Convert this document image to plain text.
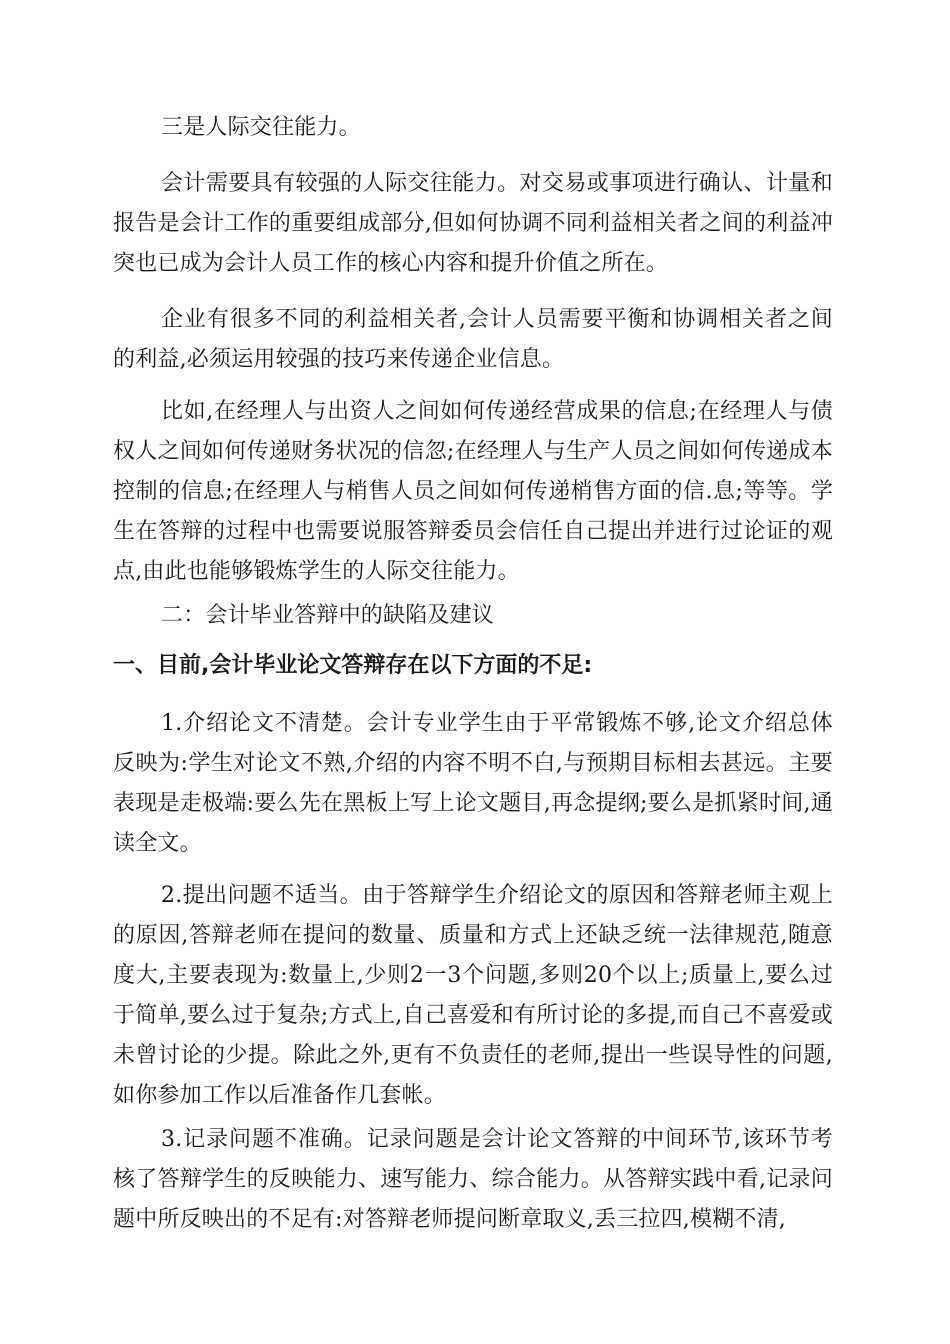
三是人际交往能力。

会计需要具有较强的人际交往能力。对交易或事项进行确认、计量和报告是会计工作的重要组成部分,但如何协调不同利益相关者之间的利益冲突也已成为会计人员工作的核心内容和提升价值之所在。

企业有很多不同的利益相关者,会计人员需要平衡和协调相关者之间的利益,必须运用较强的技巧来传递企业信息。

比如,在经理人与出资人之间如何传递经营成果的信息;在经理人与债权人之间如何传递财务状况的信忽;在经理人与生产人员之间如何传递成本控制的信息;在经理人与梢售人员之间如何传递梢售方面的信.息;等等。学生在答辩的过程中也需要说服答辩委员会信任自己提出并进行过论证的观点,由此也能够锻炼学生的人际交往能力。

二：会计毕业答辩中的缺陷及建议

一、目前,会计毕业论文答辩存在以下方面的不足:

1.介绍论文不清楚。会计专业学生由于平常锻炼不够,论文介绍总体反映为:学生对论文不熟,介绍的内容不明不白,与预期目标相去甚远。主要表现是走极端:要么先在黑板上写上论文题目,再念提纲;要么是抓紧时间,通读全文。

2.提出问题不适当。由于答辩学生介绍论文的原因和答辩老师主观上的原因,答辩老师在提问的数量、质量和方式上还缺乏统一法律规范,随意度大,主要表现为:数量上,少则2一3个问题,多则20个以上;质量上,要么过于简单,要么过于复杂;方式上,自己喜爱和有所讨论的多提,而自己不喜爱或未曾讨论的少提。除此之外,更有不负责任的老师,提出一些误导性的问题,如你参加工作以后准备作几套帐。

3.记录问题不准确。记录问题是会计论文答辩的中间环节,该环节考核了答辩学生的反映能力、速写能力、综合能力。从答辩实践中看,记录问题中所反映出的不足有:对答辩老师提问断章取义,丢三拉四,模糊不清,
